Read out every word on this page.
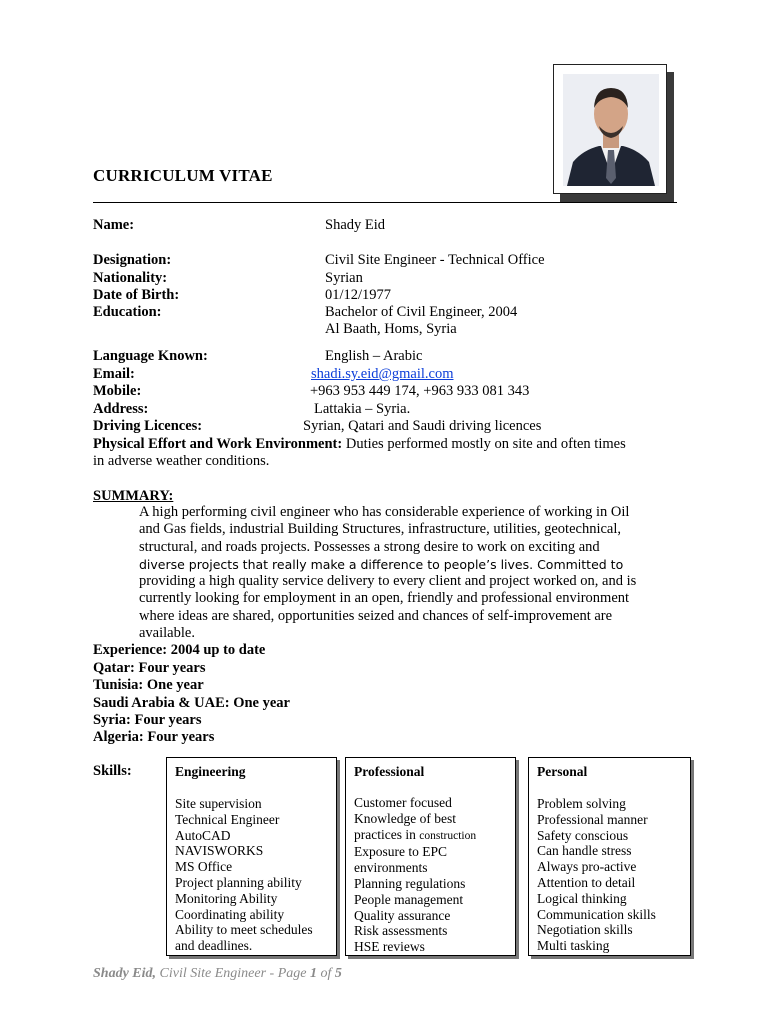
CURRICULUM VITAE
Name:	Shady Eid
Designation:	Civil Site Engineer - Technical Office
Nationality:	Syrian
Date of Birth:	01/12/1977
Education:	Bachelor of Civil Engineer, 2004
Al Baath, Homs, Syria
Language Known:	English – Arabic
Email:	shadi.sy.eid@gmail.com
Mobile:	+963 953 449 174, +963 933 081 343
Address:	Lattakia – Syria.
Driving Licences:	Syrian, Qatari and Saudi driving licences
Physical Effort and Work Environment: Duties performed mostly on site and often times
in adverse weather conditions.
SUMMARY:
A high performing civil engineer who has considerable experience of working in Oil
and Gas fields, industrial Building Structures, infrastructure, utilities, geotechnical,
structural, and roads projects. Possesses a strong desire to work on exciting and
diverse projects that really make a difference to people’s lives. Committed to
providing a high quality service delivery to every client and project worked on, and is
currently looking for employment in an open, friendly and professional environment
where ideas are shared, opportunities seized and chances of self-improvement are
available.
Experience: 2004 up to date
Qatar: Four years
Tunisia: One year
Saudi Arabia & UAE: One year
Syria: Four years
Algeria: Four years
Skills:	Engineering
Site supervision
Technical Engineer
AutoCAD
NAVISWORKS
MS Office
Project planning ability
Monitoring Ability
Coordinating ability
Ability to meet schedules
and deadlines.
Professional
Customer focused
Knowledge of best
practices in construction
Exposure to EPC
environments
Planning regulations
People management
Quality assurance
Risk assessments
HSE reviews
Personal
Problem solving
Professional manner
Safety conscious
Can handle stress
Always pro-active
Attention to detail
Logical thinking
Communication skills
Negotiation skills
Multi tasking
Shady Eid, Civil Site Engineer - Page 1 of 5
